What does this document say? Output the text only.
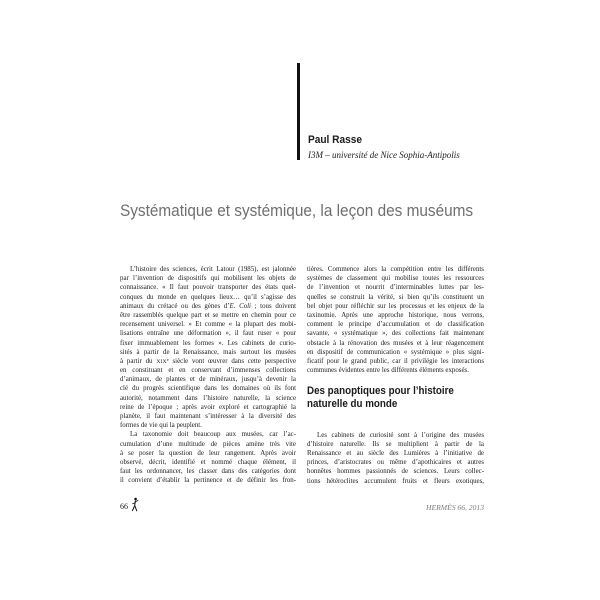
Paul Rasse
I3M – université de Nice Sophia-Antipolis
Systématique et systémique, la leçon des muséums
L’histoire des sciences, écrit Latour (1985), est jalonnée
par l’invention de dispositifs qui mobilisent les objets de
connaissance. « Il faut pouvoir transporter des états quel-
conques du monde en quelques lieux… qu’il s’agisse des
animaux du crétacé ou des gènes d’E. Coli ; tous doivent
être rassemblés quelque part et se mettre en chemin pour ce
recensement universel. » Et comme « la plupart des mobi-
lisations entraîne une déformation », il faut ruser « pour
fixer immuablement les formes ». Les cabinets de curio-
sités à partir de la Renaissance, mais surtout les musées
à partir du XIXe siècle vont œuvrer dans cette perspective
en constituant et en conservant d’immenses collections
d’animaux, de plantes et de minéraux, jusqu’à devenir la
clé du progrès scientifique dans les domaines où ils font
autorité, notamment dans l’histoire naturelle, la science
reine de l’époque ; après avoir exploré et cartographié la
planète, il faut maintenant s’intéresser à la diversité des
formes de vie qui la peuplent.
La taxonomie doit beaucoup aux musées, car l’ac-
cumulation d’une multitude de pièces amène très vite
à se poser la question de leur rangement. Après avoir
observé, décrit, identifié et nommé chaque élément, il
faut les ordonnancer, les classer dans des catégories dont
il convient d’établir la pertinence et de définir les fron-
tières. Commence alors la compétition entre les différents
systèmes de classement qui mobilise toutes les ressources
de l’invention et nourrit d’interminables luttes par les-
quelles se construit la vérité, si bien qu’ils constituent un
bel objet pour réfléchir sur les processus et les enjeux de la
taxinomie. Après une approche historique, nous verrons,
comment le principe d’accumulation et de classification
savante, « systématique », des collections fait maintenant
obstacle à la rénovation des musées et à leur réagencement
en dispositif de communication « systémique » plus signi-
ficatif pour le grand public, car il privilégie les interactions
communes évidentes entre les différents éléments exposés.
Des panoptiques pour l’histoire
naturelle du monde
Les cabinets de curiosité sont à l’origine des musées
d’histoire naturelle. Ils se multiplient à partir de la
Renaissance et au siècle des Lumières à l’initiative de
princes, d’aristocrates ou même d’apothicaires et autres
honnêtes hommes passionnés de sciences. Leurs collec-
tions hétéroclites accumulent fruits et fleurs exotiques,
66	HERMÈS 66, 2013
